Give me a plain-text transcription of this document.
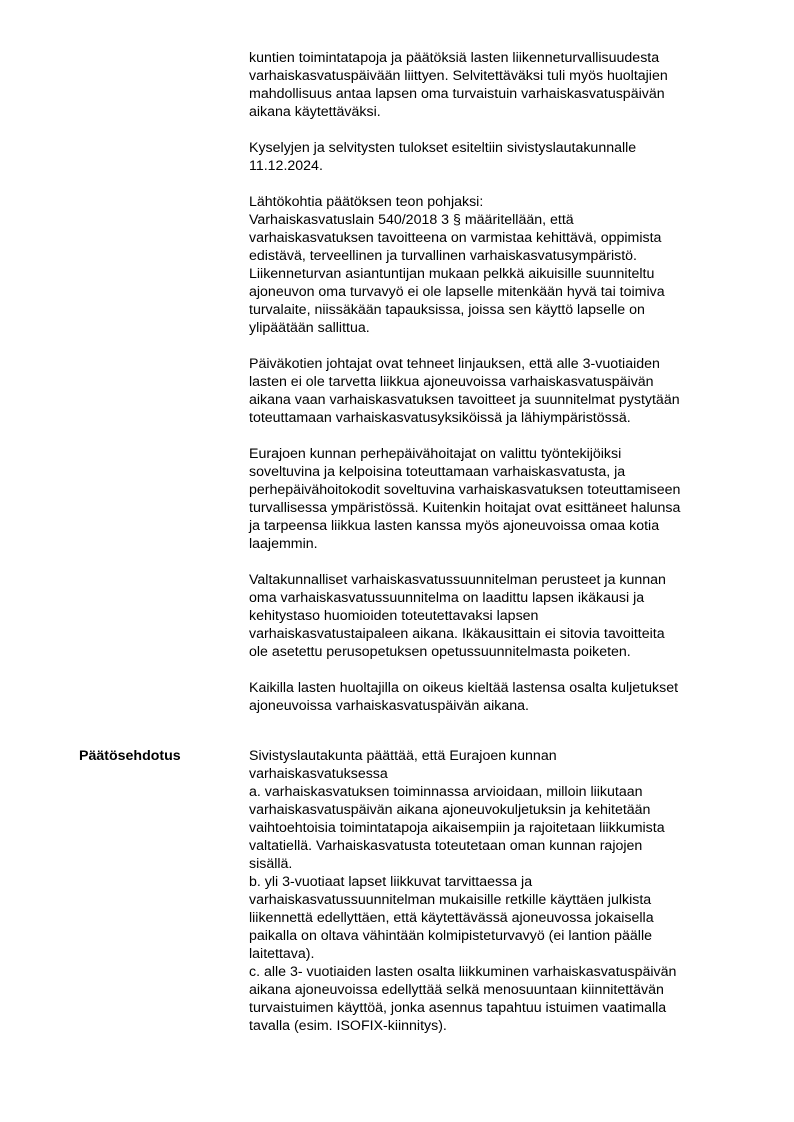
kuntien toimintatapoja ja päätöksiä lasten liikenneturvallisuudesta
varhaiskasvatuspäivään liittyen. Selvitettäväksi tuli myös huoltajien
mahdollisuus antaa lapsen oma turvaistuin varhaiskasvatuspäivän
aikana käytettäväksi.
Kyselyjen ja selvitysten tulokset esiteltiin sivistyslautakunnalle
11.12.2024.
Lähtökohtia päätöksen teon pohjaksi:
Varhaiskasvatuslain 540/2018 3 § määritellään, että
varhaiskasvatuksen tavoitteena on varmistaa kehittävä, oppimista
edistävä, terveellinen ja turvallinen varhaiskasvatusympäristö.
Liikenneturvan asiantuntijan mukaan pelkkä aikuisille suunniteltu
ajoneuvon oma turvavyö ei ole lapselle mitenkään hyvä tai toimiva
turvalaite, niissäkään tapauksissa, joissa sen käyttö lapselle on
ylipäätään sallittua.
Päiväkotien johtajat ovat tehneet linjauksen, että alle 3-vuotiaiden
lasten ei ole tarvetta liikkua ajoneuvoissa varhaiskasvatuspäivän
aikana vaan varhaiskasvatuksen tavoitteet ja suunnitelmat pystytään
toteuttamaan varhaiskasvatusyksiköissä ja lähiympäristössä.
Eurajoen kunnan perhepäivähoitajat on valittu työntekijöiksi
soveltuvina ja kelpoisina toteuttamaan varhaiskasvatusta, ja
perhepäivähoitokodit soveltuvina varhaiskasvatuksen toteuttamiseen
turvallisessa ympäristössä. Kuitenkin hoitajat ovat esittäneet halunsa
ja tarpeensa liikkua lasten kanssa myös ajoneuvoissa omaa kotia
laajemmin.
Valtakunnalliset varhaiskasvatussuunnitelman perusteet ja kunnan
oma varhaiskasvatussuunnitelma on laadittu lapsen ikäkausi ja
kehitystaso huomioiden toteutettavaksi lapsen
varhaiskasvatustaipaleen aikana. Ikäkausittain ei sitovia tavoitteita
ole asetettu perusopetuksen opetussuunnitelmasta poiketen.
Kaikilla lasten huoltajilla on oikeus kieltää lastensa osalta kuljetukset
ajoneuvoissa varhaiskasvatuspäivän aikana.
Päätösehdotus	Sivistyslautakunta päättää, että Eurajoen kunnan
varhaiskasvatuksessa
a. varhaiskasvatuksen toiminnassa arvioidaan, milloin liikutaan
varhaiskasvatuspäivän aikana ajoneuvokuljetuksin ja kehitetään
vaihtoehtoisia toimintatapoja aikaisempiin ja rajoitetaan liikkumista
valtatiellä. Varhaiskasvatusta toteutetaan oman kunnan rajojen
sisällä.
b. yli 3-vuotiaat lapset liikkuvat tarvittaessa ja
varhaiskasvatussuunnitelman mukaisille retkille käyttäen julkista
liikennettä edellyttäen, että käytettävässä ajoneuvossa jokaisella
paikalla on oltava vähintään kolmipisteturvavyö (ei lantion päälle
laitettava).
c. alle 3- vuotiaiden lasten osalta liikkuminen varhaiskasvatuspäivän
aikana ajoneuvoissa edellyttää selkä menosuuntaan kiinnitettävän
turvaistuimen käyttöä, jonka asennus tapahtuu istuimen vaatimalla
tavalla (esim. ISOFIX-kiinnitys).
